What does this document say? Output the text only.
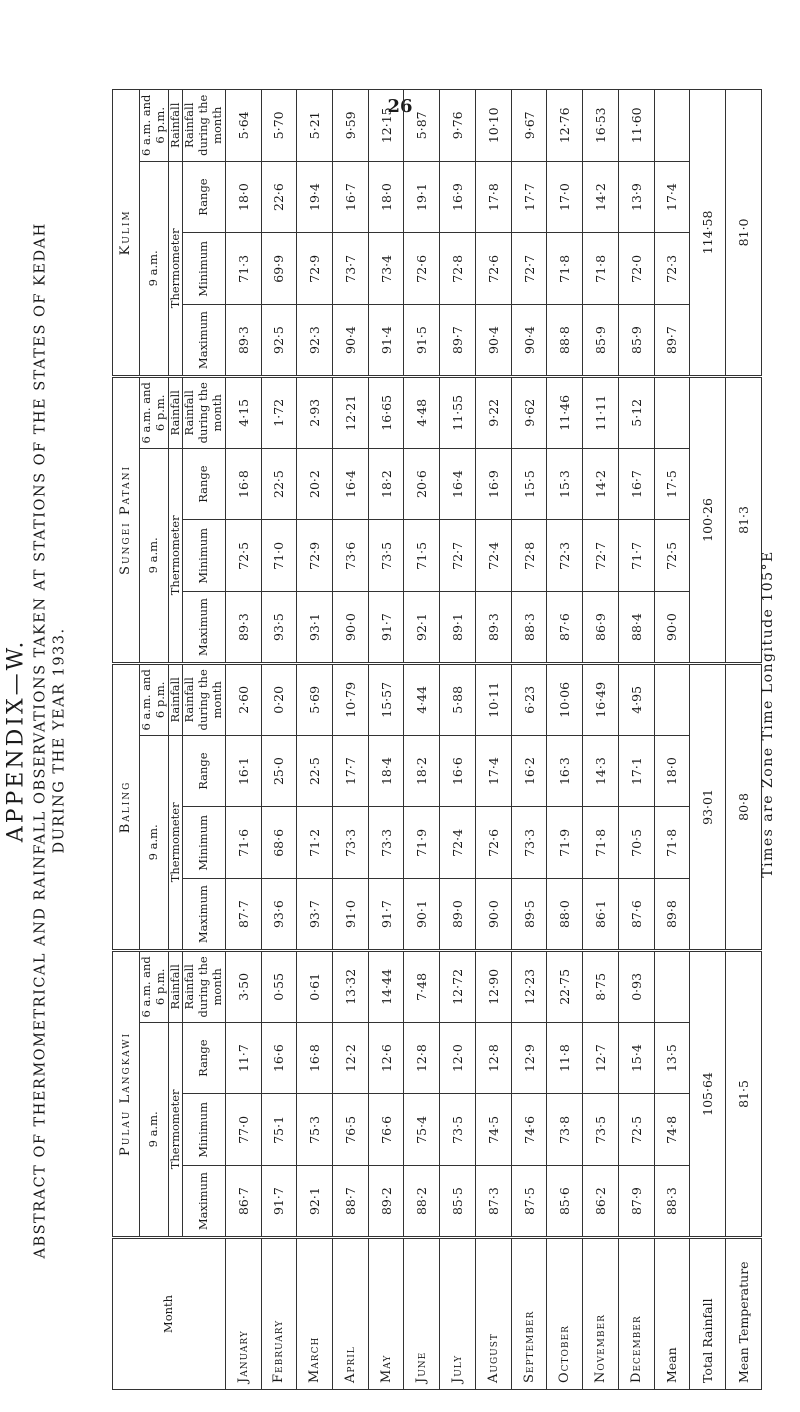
26
APPENDIX—W. ABSTRACT OF THERMOMETRICAL AND RAINFALL OBSERVATIONS TAKEN AT STATIONS OF THE STATES OF KEDAH DURING THE YEAR 1933.
Month	Pulau Langkawi				Baling				Sungei Patani				Kulim			
	9 a.m.			6 a.m. and 6 p.m.	9 a.m.			6 a.m. and 6 p.m.	9 a.m.			6 a.m. and 6 p.m.	9 a.m.			6 a.m. and 6 p.m.
	Thermometer			Rainfall	Thermometer			Rainfall	Thermometer			Rainfall	Thermometer			Rainfall
	Maximum	Minimum	Range	Rainfall during the month	Maximum	Minimum	Range	Rainfall during the month	Maximum	Minimum	Range	Rainfall during the month	Maximum	Minimum	Range	Rainfall during the month
January	86·7	77·0	11·7	3·50	87·7	71·6	16·1	2·60	89·3	72·5	16·8	4·15	89·3	71·3	18·0	5·64
February	91·7	75·1	16·6	0·55	93·6	68·6	25·0	0·20	93·5	71·0	22·5	1·72	92·5	69·9	22·6	5·70
March	92·1	75·3	16·8	0·61	93·7	71·2	22·5	5·69	93·1	72·9	20·2	2·93	92·3	72·9	19·4	5·21
April	88·7	76·5	12·2	13·32	91·0	73·3	17·7	10·79	90·0	73·6	16·4	12·21	90·4	73·7	16·7	9·59
May	89·2	76·6	12·6	14·44	91·7	73·3	18·4	15·57	91·7	73·5	18·2	16·65	91·4	73·4	18·0	12·15
June	88·2	75·4	12·8	7·48	90·1	71·9	18·2	4·44	92·1	71·5	20·6	4·48	91·5	72·6	19·1	5·87
July	85·5	73·5	12·0	12·72	89·0	72·4	16·6	5·88	89·1	72·7	16·4	11·55	89·7	72·8	16·9	9·76
August	87·3	74·5	12·8	12·90	90·0	72·6	17·4	10·11	89·3	72·4	16·9	9·22	90·4	72·6	17·8	10·10
September	87·5	74·6	12·9	12·23	89·5	73·3	16·2	6·23	88·3	72·8	15·5	9·62	90·4	72·7	17·7	9·67
October	85·6	73·8	11·8	22·75	88·0	71·9	16·3	10·06	87·6	72·3	15·3	11·46	88·8	71·8	17·0	12·76
November	86·2	73·5	12·7	8·75	86·1	71·8	14·3	16·49	86·9	72·7	14·2	11·11	85·9	71·8	14·2	16·53
December	87·9	72·5	15·4	0·93	87·6	70·5	17·1	4·95	88·4	71·7	16·7	5·12	85·9	72·0	13·9	11·60
Mean	88·3	74·8	13·5		89·8	71·8	18·0		90·0	72·5	17·5		89·7	72·3	17·4	
Total Rainfall	105·64				93·01				100·26				114·58			
Mean Temperature	81·5				80·8				81·3				81·0			
Times are Zone Time Longitude 105°E
